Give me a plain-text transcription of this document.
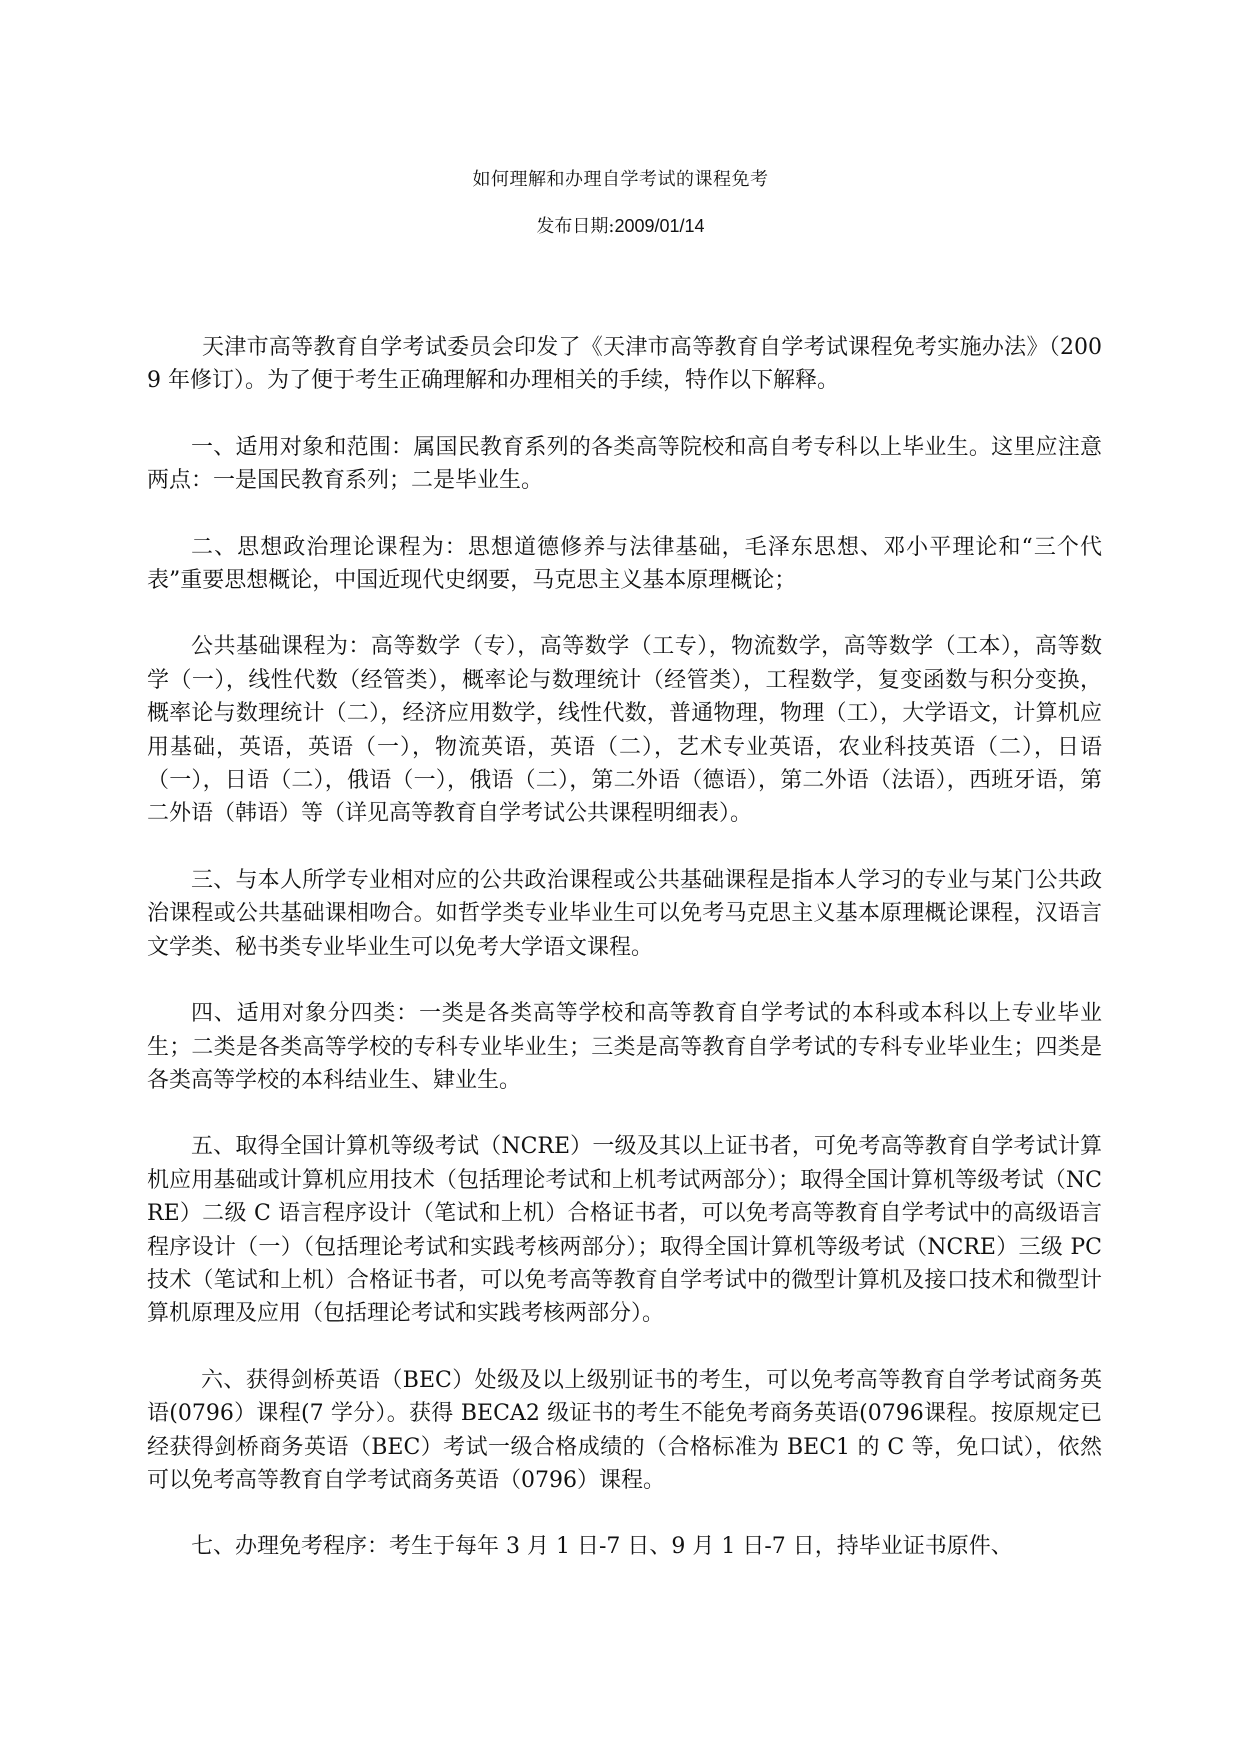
如何理解和办理自学考试的课程免考
发布日期:2009/01/14

天津市高等教育自学考试委员会印发了《天津市高等教育自学考试课程免考实施办法》（2009 年修订）。为了便于考生正确理解和办理相关的手续，特作以下解释。

一、适用对象和范围：属国民教育系列的各类高等院校和高自考专科以上毕业生。这里应注意两点：一是国民教育系列；二是毕业生。

二、思想政治理论课程为：思想道德修养与法律基础，毛泽东思想、邓小平理论和“三个代表”重要思想概论，中国近现代史纲要，马克思主义基本原理概论；

公共基础课程为：高等数学（专），高等数学（工专），物流数学，高等数学（工本），高等数学（一），线性代数（经管类），概率论与数理统计（经管类），工程数学，复变函数与积分变换，概率论与数理统计（二），经济应用数学，线性代数，普通物理，物理（工），大学语文，计算机应用基础，英语，英语（一），物流英语，英语（二），艺术专业英语，农业科技英语（二），日语（一），日语（二），俄语（一），俄语（二），第二外语（德语），第二外语（法语），西班牙语，第二外语（韩语）等（详见高等教育自学考试公共课程明细表）。

三、与本人所学专业相对应的公共政治课程或公共基础课程是指本人学习的专业与某门公共政治课程或公共基础课相吻合。如哲学类专业毕业生可以免考马克思主义基本原理概论课程，汉语言文学类、秘书类专业毕业生可以免考大学语文课程。

四、适用对象分四类：一类是各类高等学校和高等教育自学考试的本科或本科以上专业毕业生；二类是各类高等学校的专科专业毕业生；三类是高等教育自学考试的专科专业毕业生；四类是各类高等学校的本科结业生、肄业生。

五、取得全国计算机等级考试（NCRE）一级及其以上证书者，可免考高等教育自学考试计算机应用基础或计算机应用技术（包括理论考试和上机考试两部分）；取得全国计算机等级考试（NCRE）二级 C 语言程序设计（笔试和上机）合格证书者，可以免考高等教育自学考试中的高级语言程序设计（一）（包括理论考试和实践考核两部分）；取得全国计算机等级考试（NCRE）三级 PC 技术（笔试和上机）合格证书者，可以免考高等教育自学考试中的微型计算机及接口技术和微型计算机原理及应用（包括理论考试和实践考核两部分）。

六、获得剑桥英语（BEC）处级及以上级别证书的考生，可以免考高等教育自学考试商务英语(0796）课程(7 学分）。获得 BECA2 级证书的考生不能免考商务英语(0796课程。按原规定已经获得剑桥商务英语（BEC）考试一级合格成绩的（合格标准为 BEC1 的 C 等，免口试），依然可以免考高等教育自学考试商务英语（0796）课程。

七、办理免考程序：考生于每年 3 月 1 日-7 日、9 月 1 日-7 日，持毕业证书原件、
